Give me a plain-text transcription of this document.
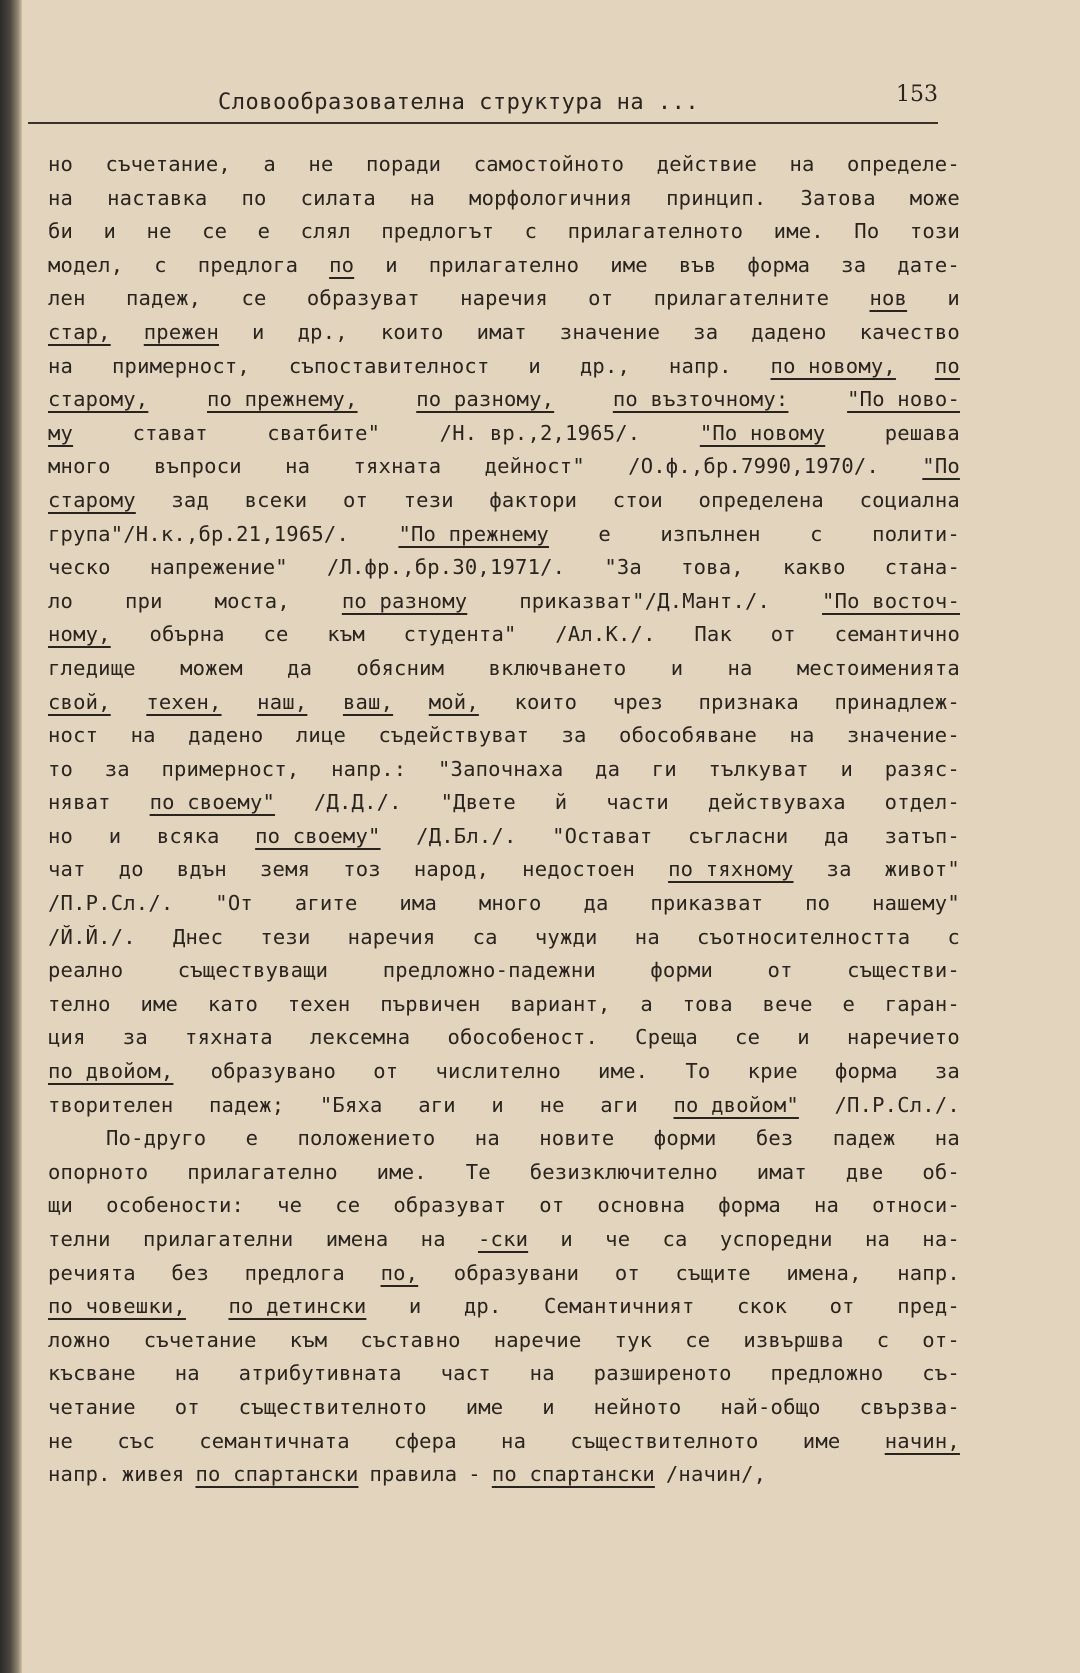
Словообразователна структура на ...	153
но съчетание, а не поради самостойното действие на определе-
на наставка по силата на морфологичния принцип. Затова може
би и не се е слял предлогът с прилагателното име. По този
модел, с предлога по и прилагателно име във форма за дате-
лен падеж, се образуват наречия от прилагателните нов и
стар, прежен и др., които имат значение за дадено качество
на примерност, съпоставителност и др., напр. по новому, по
старому,	по прежнему,	по разному,	по възточному:	"По ново-
му	стават	сватбите"	/Н. вр.,2,1965/.	"По новому	решава
много въпроси на тяхната дейност" /О.ф.,бр.7990,1970/. "По
старому зад всеки от тези фактори стои определена социална
група"/Н.к.,бр.21,1965/. "По прежнему е изпълнен с полити-
ческо напрежение" /Л.фр.,бр.30,1971/. "За това, какво стана-
ло	при	моста,	по разному	приказват"/Д.Мант./.	"По восточ-
ному, обърна се към студента" /Ал.К./. Пак от семантично
гледище можем да обясним включването и на местоименията
свой, техен, наш, ваш, мой, които чрез признака принадлеж-
ност на дадено лице съдействуват за обособяване на значение-
то за примерност, напр.: "Започнаха да ги тълкуват и разяс-
няват по своему" /Д.Д./. "Двете й части действуваха отдел-
но и всяка по своему" /Д.Бл./. "Остават съгласни да затъп-
чат до вдън земя тоз народ, недостоен по тяхному за живот"
/П.Р.Сл./. "От агите има много да приказват по нашему"
/Й.Й./. Днес тези наречия са чужди на съотносителността с
реално	съществуващи	предложно-падежни	форми	от	съществи-
телно име като техен първичен вариант, а това вече е гаран-
ция за тяхната лексемна обособеност. Среща се и наречието
по двойом, образувано от числително име. То крие форма за
творителен падеж; "Бяха аги и не аги по двойом" /П.Р.Сл./.
По-друго е положението на новите форми без падеж на
опорното прилагателно име. Те безизключително имат две об-
щи особености: че се образуват от основна форма на относи-
телни прилагателни имена на -ски и че са успоредни на на-
речията без предлога по, образувани от същите имена, напр.
по човешки, по детински и др. Семантичният скок от пред-
ложно съчетание към съставно наречие тук се извършва с от-
късване на атрибутивната част на разширеното предложно съ-
четание от съществителното име и нейното най-общо свързва-
не със семантичната сфера на съществителното име начин,
напр. живея по спартански правила - по спартански /начин/,
